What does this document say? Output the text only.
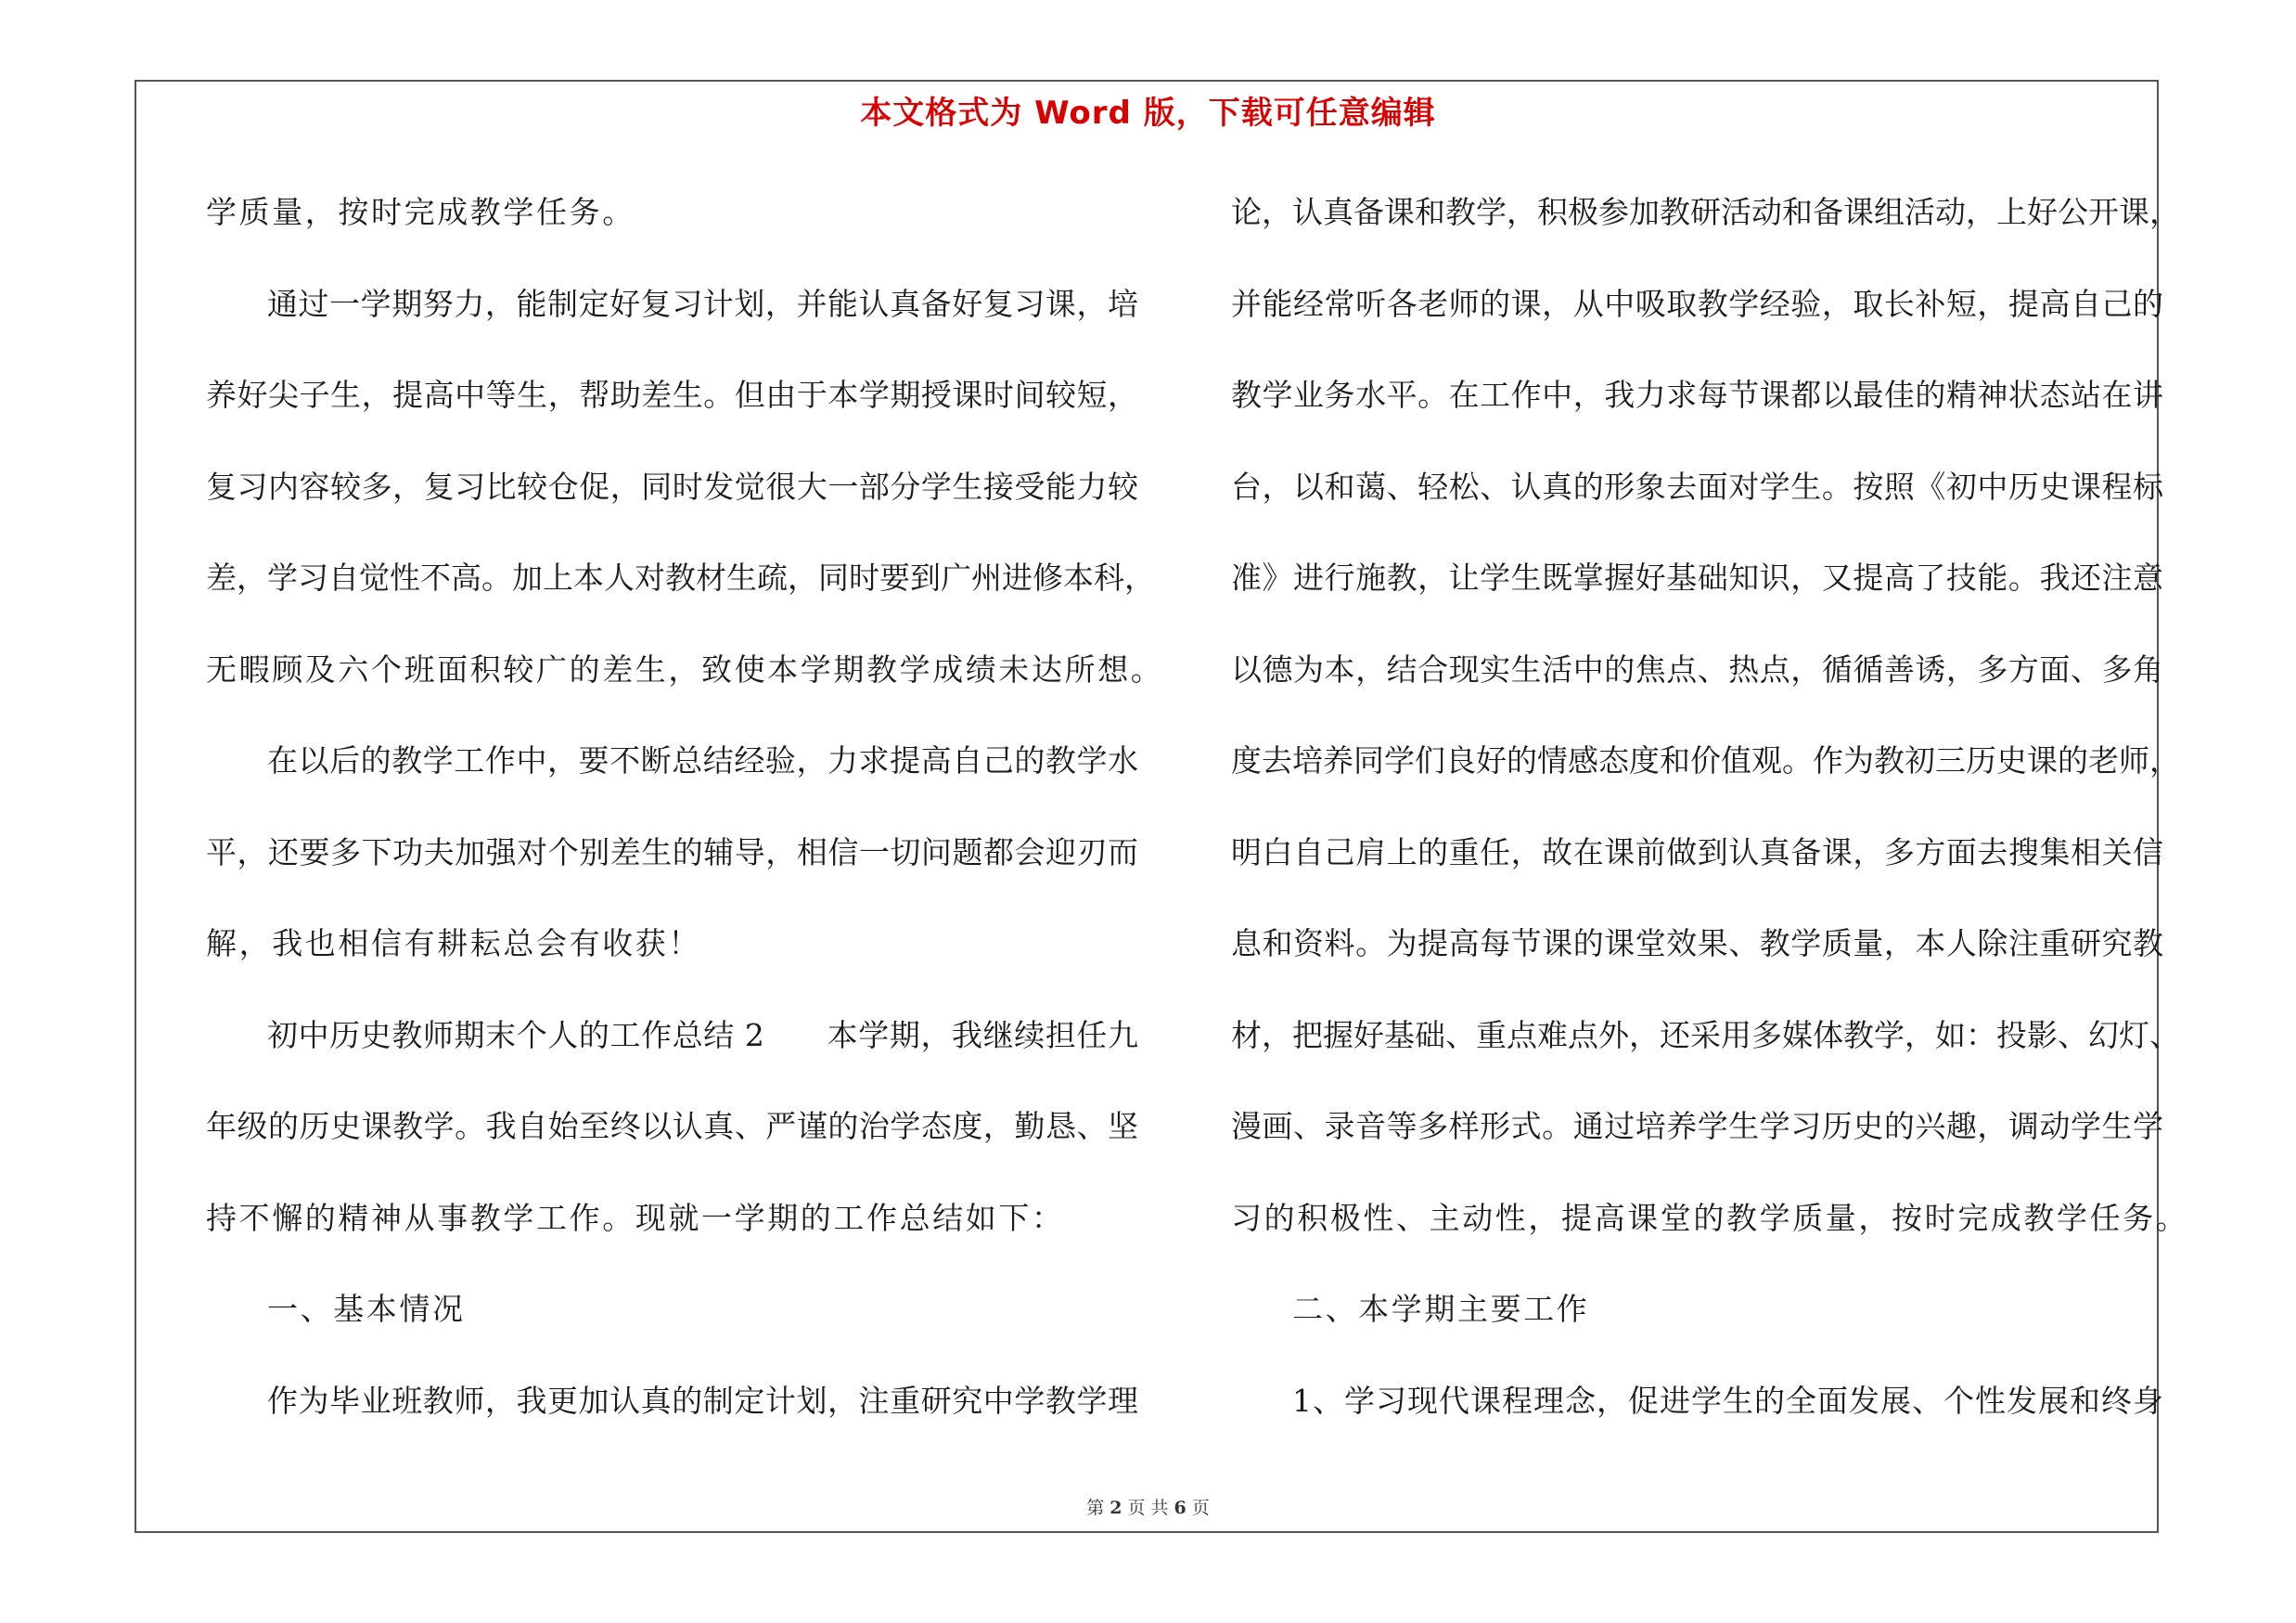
本文格式为 Word 版，下载可任意编辑
学质量，按时完成教学任务。
通过一学期努力，能制定好复习计划，并能认真备好复习课，培
养好尖子生，提高中等生，帮助差生。但由于本学期授课时间较短，
复习内容较多，复习比较仓促，同时发觉很大一部分学生接受能力较
差，学习自觉性不高。加上本人对教材生疏，同时要到广州进修本科，
无暇顾及六个班面积较广的差生，致使本学期教学成绩未达所想。
在以后的教学工作中，要不断总结经验，力求提高自己的教学水
平，还要多下功夫加强对个别差生的辅导，相信一切问题都会迎刃而
解，我也相信有耕耘总会有收获！
初中历史教师期末个人的工作总结 2　　本学期，我继续担任九
年级的历史课教学。我自始至终以认真、严谨的治学态度，勤恳、坚
持不懈的精神从事教学工作。现就一学期的工作总结如下：
一、基本情况
作为毕业班教师，我更加认真的制定计划，注重研究中学教学理
论，认真备课和教学，积极参加教研活动和备课组活动，上好公开课，
并能经常听各老师的课，从中吸取教学经验，取长补短，提高自己的
教学业务水平。在工作中，我力求每节课都以最佳的精神状态站在讲
台，以和蔼、轻松、认真的形象去面对学生。按照《初中历史课程标
准》进行施教，让学生既掌握好基础知识，又提高了技能。我还注意
以德为本，结合现实生活中的焦点、热点，循循善诱，多方面、多角
度去培养同学们良好的情感态度和价值观。作为教初三历史课的老师，
明白自己肩上的重任，故在课前做到认真备课，多方面去搜集相关信
息和资料。为提高每节课的课堂效果、教学质量，本人除注重研究教
材，把握好基础、重点难点外，还采用多媒体教学，如：投影、幻灯、
漫画、录音等多样形式。通过培养学生学习历史的兴趣，调动学生学
习的积极性、主动性，提高课堂的教学质量，按时完成教学任务。
二、本学期主要工作
1、学习现代课程理念，促进学生的全面发展、个性发展和终身
第 2 页 共 6 页
